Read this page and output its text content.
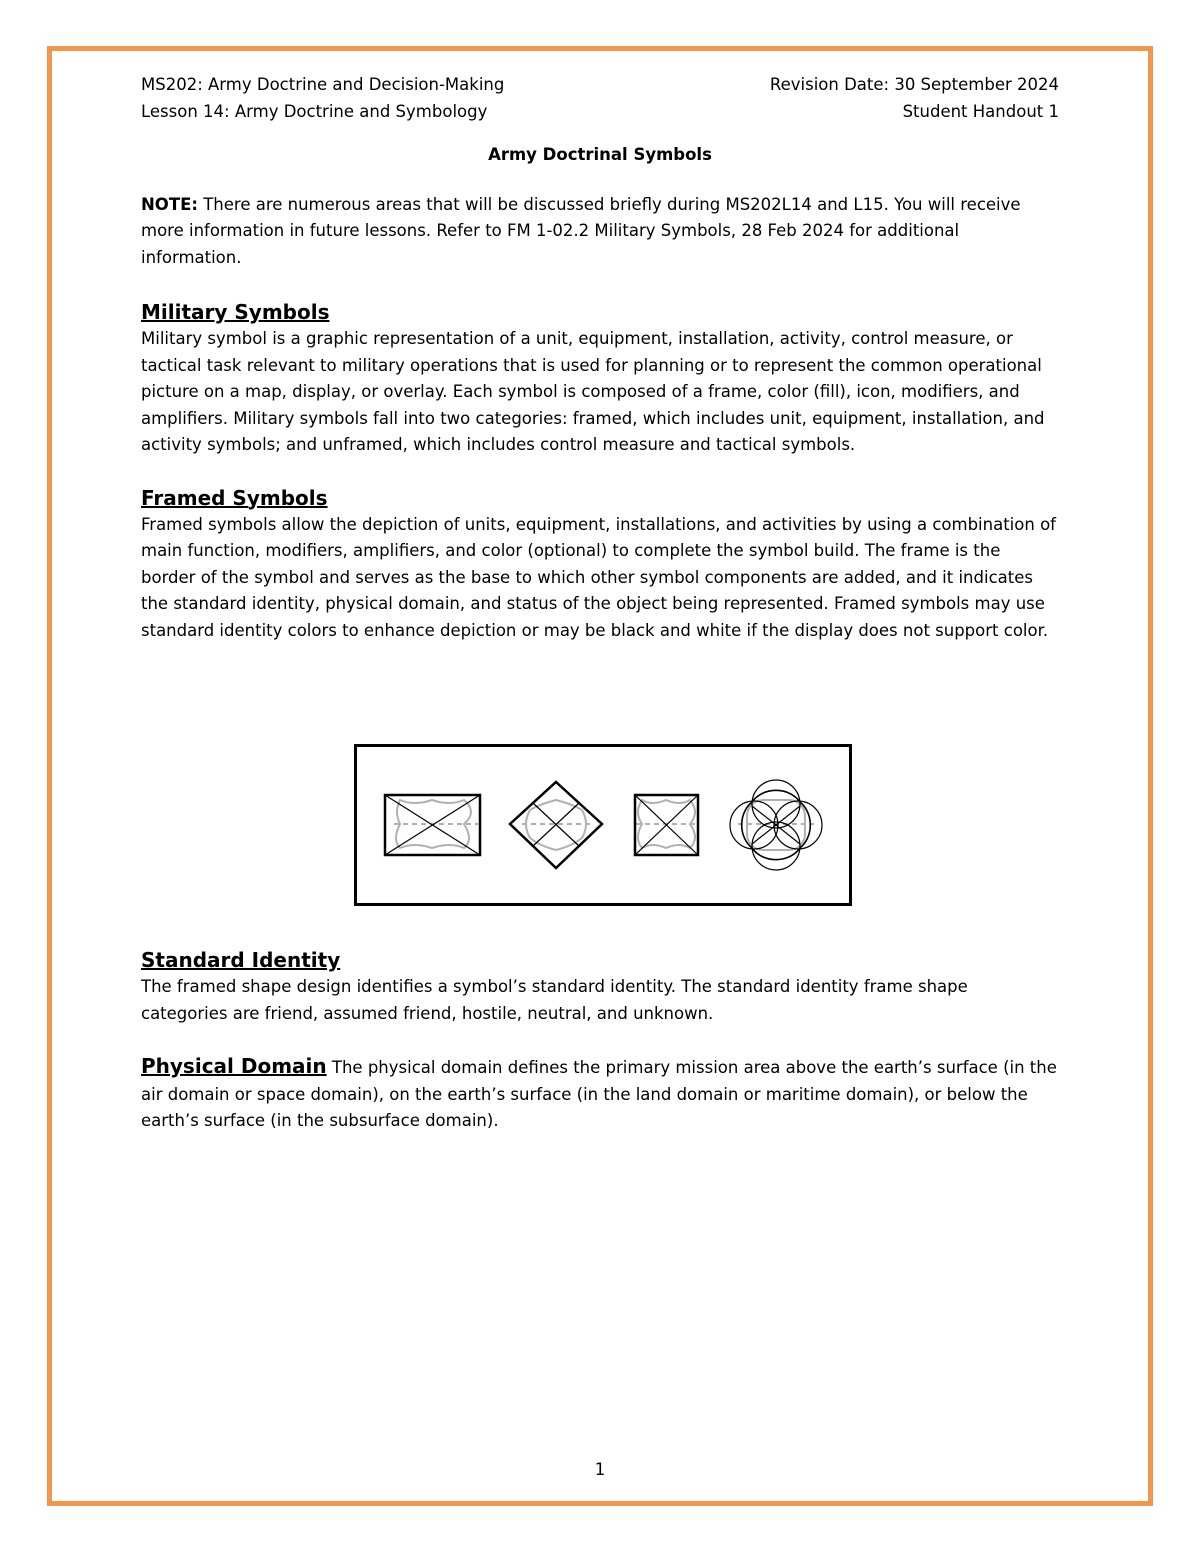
MS202: Army Doctrine and Decision-Making	Revision Date: 30 September 2024
Lesson 14: Army Doctrine and Symbology	Student Handout 1
Army Doctrinal Symbols

NOTE: There are numerous areas that will be discussed briefly during MS202L14 and L15. You will receive more information in future lessons. Refer to FM 1-02.2 Military Symbols, 28 Feb 2024 for additional information.

Military Symbols

Military symbol is a graphic representation of a unit, equipment, installation, activity, control measure, or tactical task relevant to military operations that is used for planning or to represent the common operational picture on a map, display, or overlay. Each symbol is composed of a frame, color (fill), icon, modifiers, and amplifiers. Military symbols fall into two categories: framed, which includes unit, equipment, installation, and activity symbols; and unframed, which includes control measure and tactical symbols.

Framed Symbols

Framed symbols allow the depiction of units, equipment, installations, and activities by using a combination of main function, modifiers, amplifiers, and color (optional) to complete the symbol build. The frame is the border of the symbol and serves as the base to which other symbol components are added, and it indicates the standard identity, physical domain, and status of the object being represented. Framed symbols may use standard identity colors to enhance depiction or may be black and white if the display does not support color.

Standard Identity

The framed shape design identifies a symbol’s standard identity. The standard identity frame shape categories are friend, assumed friend, hostile, neutral, and unknown.

Physical Domain The physical domain defines the primary mission area above the earth’s surface (in the air domain or space domain), on the earth’s surface (in the land domain or maritime domain), or below the earth’s surface (in the subsurface domain).

1
